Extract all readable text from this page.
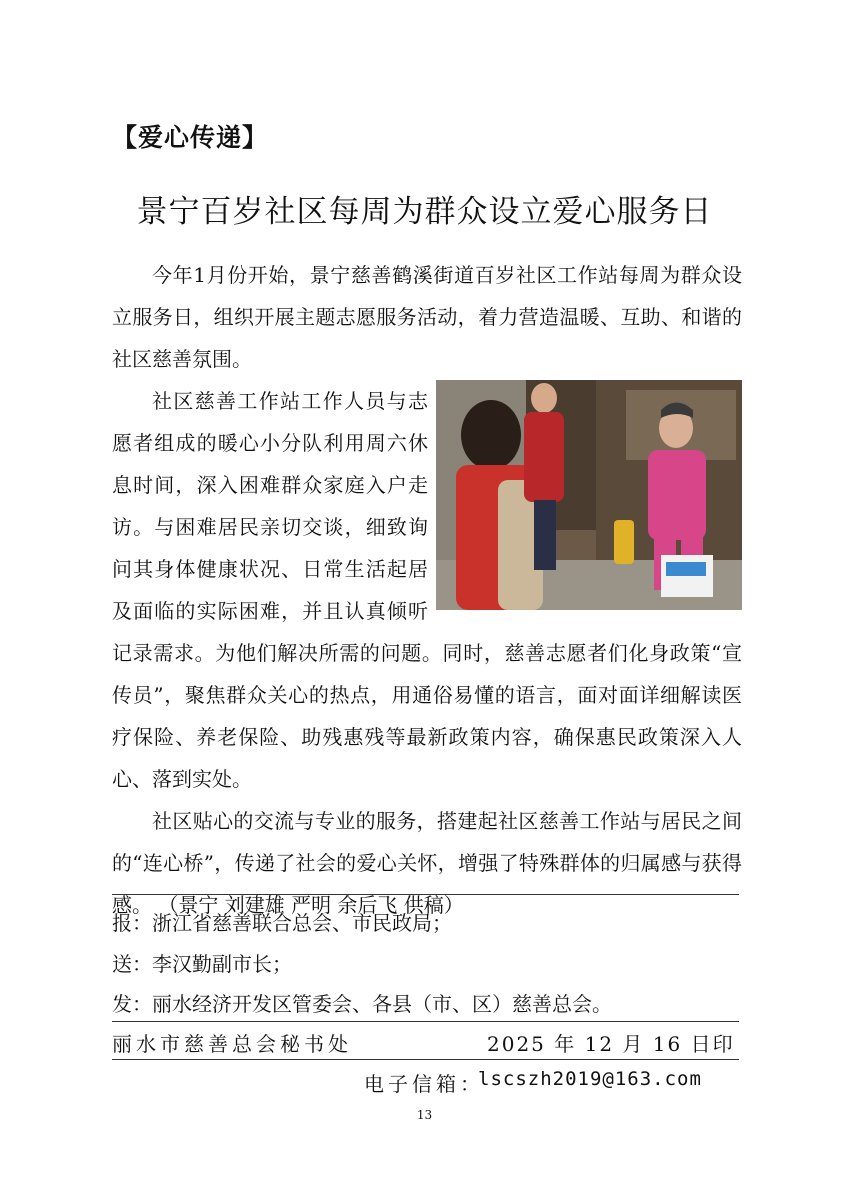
【爱心传递】
景宁百岁社区每周为群众设立爱心服务日

今年1月份开始，景宁慈善鹤溪街道百岁社区工作站每周为群众设立服务日，组织开展主题志愿服务活动，着力营造温暖、互助、和谐的社区慈善氛围。

社区慈善工作站工作人员与志愿者组成的暖心小分队利用周六休息时间，深入困难群众家庭入户走访。与困难居民亲切交谈，细致询问其身体健康状况、日常生活起居及面临的实际困难，并且认真倾听记录需求。为他们解决所需的问题。同时，慈善志愿者们化身政策“宣传员”，聚焦群众关心的热点，用通俗易懂的语言，面对面详细解读医疗保险、养老保险、助残惠残等最新政策内容，确保惠民政策深入人心、落到实处。

社区贴心的交流与专业的服务，搭建起社区慈善工作站与居民之间的“连心桥”，传递了社会的爱心关怀，增强了特殊群体的归属感与获得感。 （景宁 刘建雄 严明 余后飞 供稿）

报：浙江省慈善联合总会、市民政局；
送：李汉勤副市长；
发：丽水经济开发区管委会、各县（市、区）慈善总会。
丽水市慈善总会秘书处	2025 年 12 月 16 日印
电子信箱：
lscszh2019@163.com
13
